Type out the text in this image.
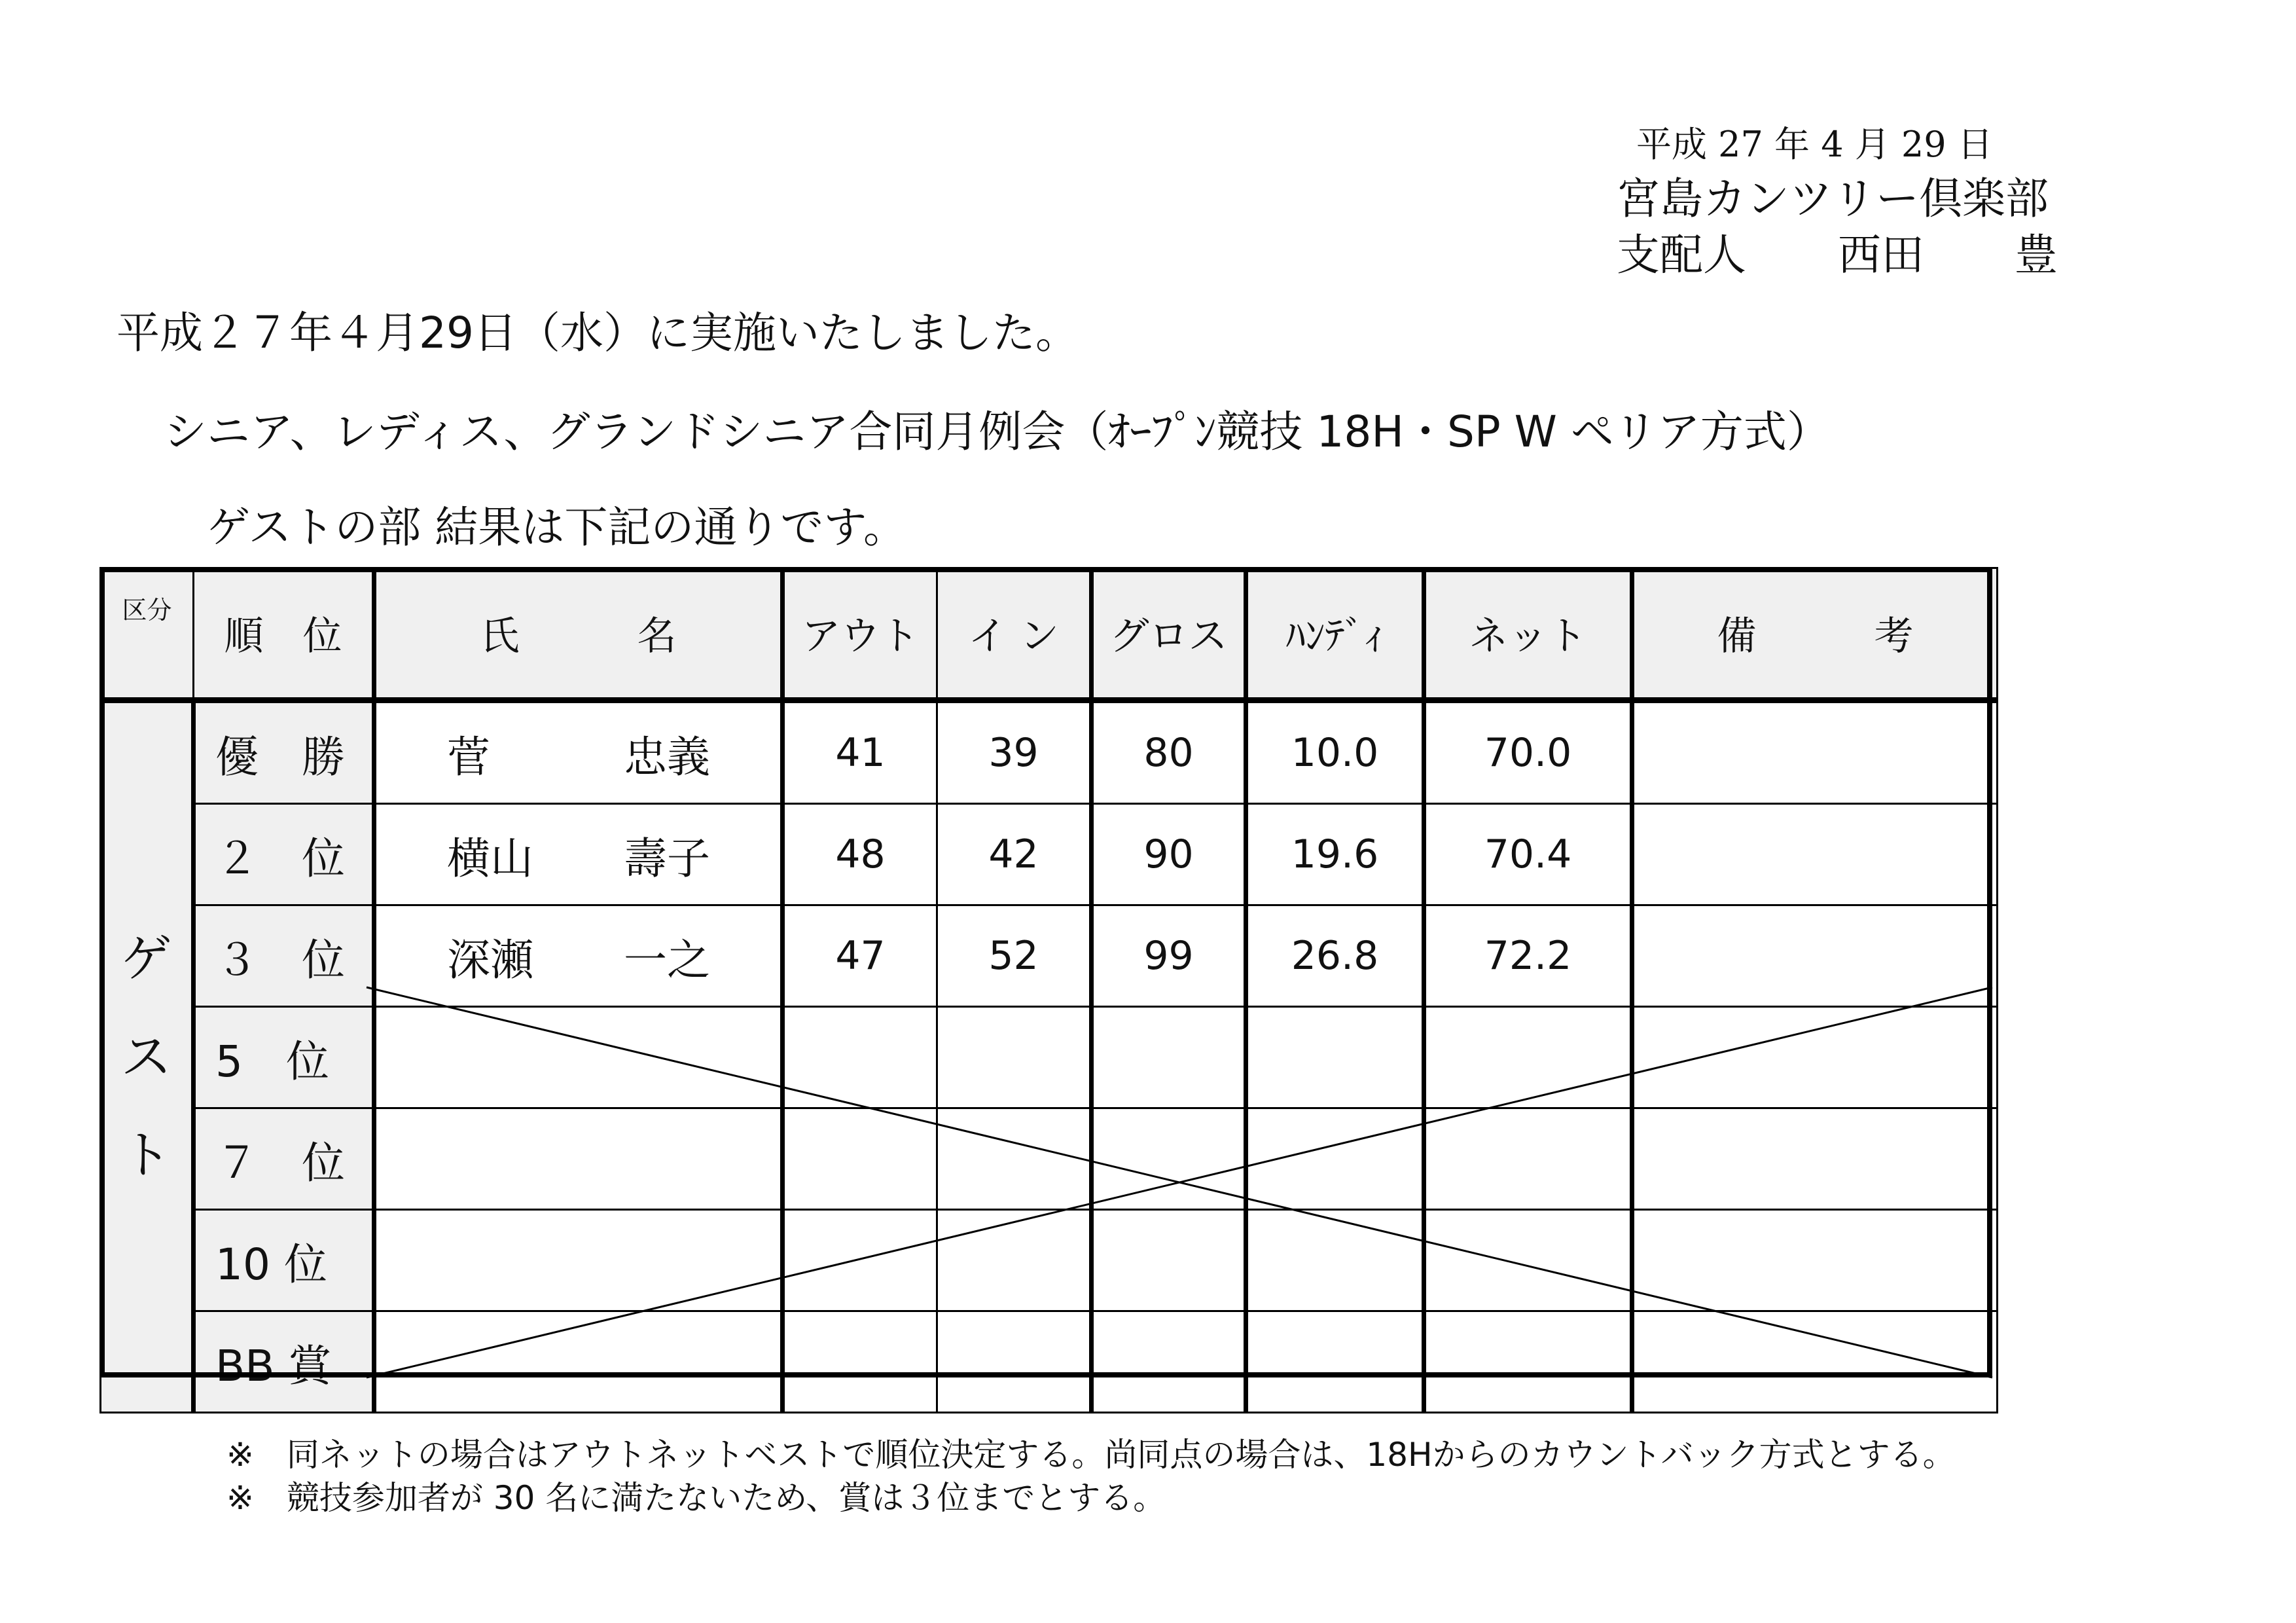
平成 27 年 4 月 29 日
宮島カンツリー倶楽部
支配人 西田 豊
平成２７年４月29日（水）に実施いたしました。
シニア、レディス、グランドシニア合同月例会（ｵｰﾌﾟﾝ競技 18H・SP W ペリア方式）
ゲストの部 結果は下記の通りです。
区分	順　位	氏　　　名	アウト	イ ン	グロス	ﾊﾝﾃﾞｨ	ネット	備　　　考

ゲ
ス
ト	優　勝	菅 忠義	41	39	80	10.0	70.0	
	２　位	横山 壽子	48	42	90	19.6	70.4	
	３　位	深瀬 一之	47	52	99	26.8	72.2	
	5　位							
	７　位							
	10 位							
	BB 賞							
※　同ネットの場合はアウトネットベストで順位決定する。尚同点の場合は、18Hからのカウントバック方式とする。
※　競技参加者が 30 名に満たないため、賞は３位までとする。
